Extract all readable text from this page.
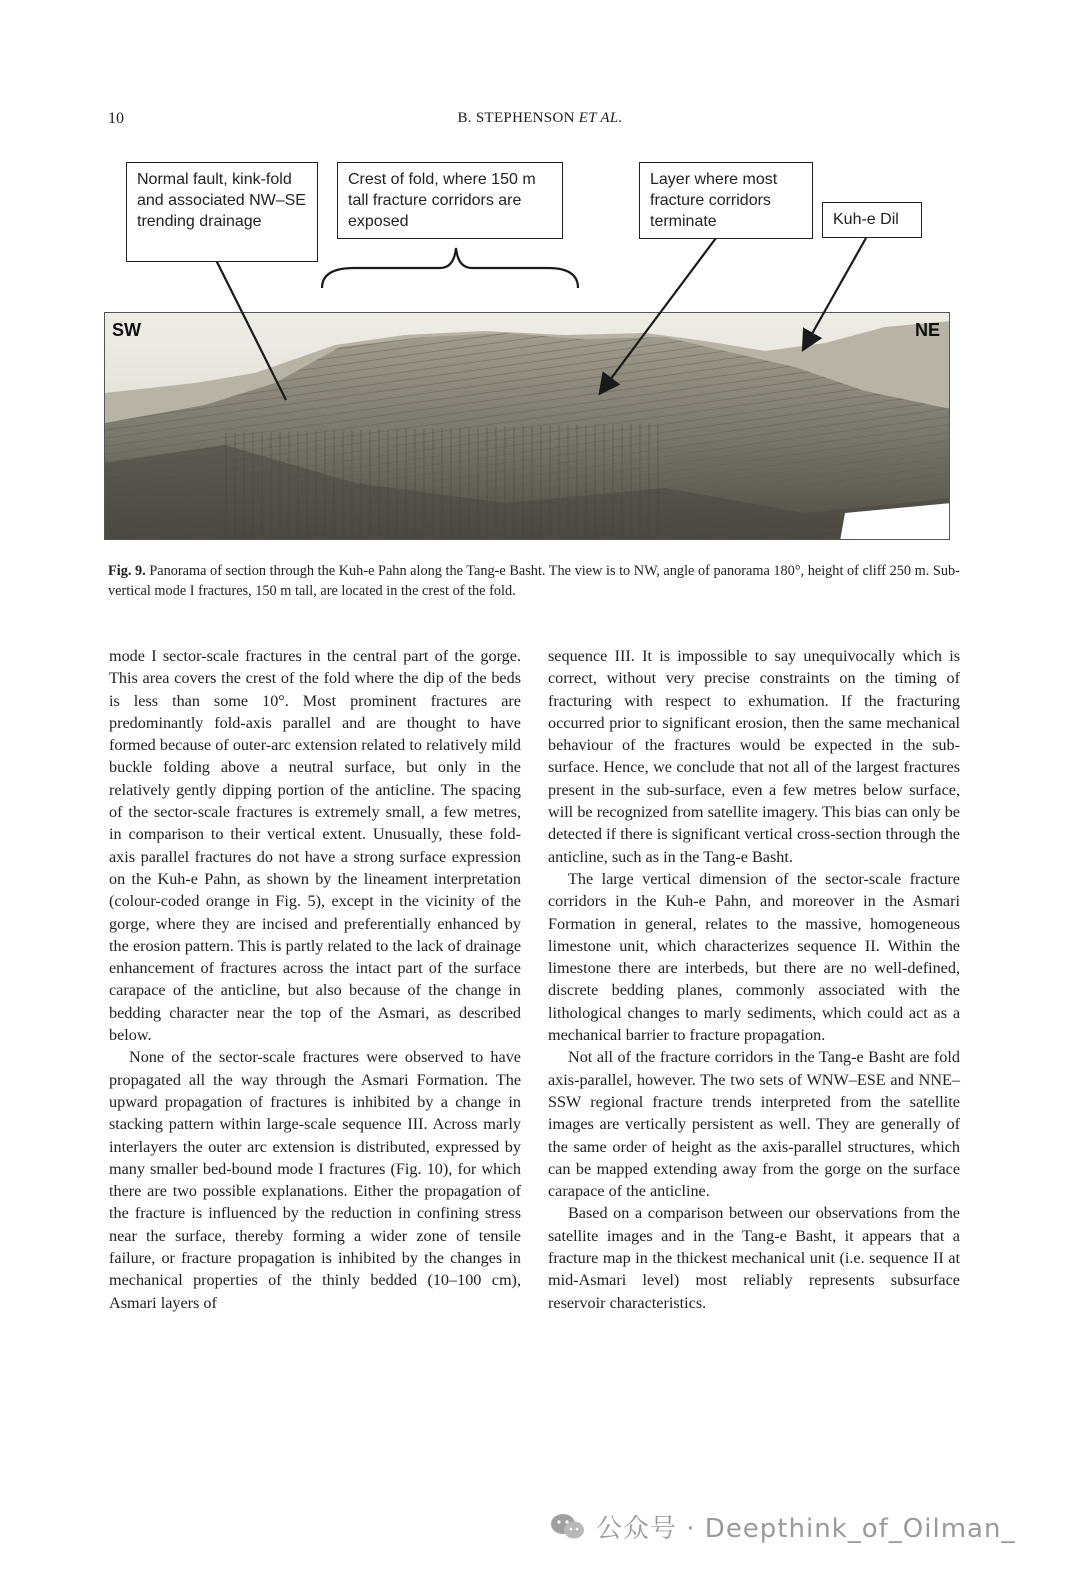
10	B. STEPHENSON ET AL.
SW	NE
Normal fault, kink-fold and associated NW–SE trending drainage
Crest of fold, where 150 m tall fracture corridors are exposed
Layer where most fracture corridors terminate	Kuh-e Dil
Fig. 9. Panorama of section through the Kuh-e Pahn along the Tang-e Basht. The view is to NW, angle of panorama 180°, height of cliff 250 m. Sub-vertical mode I fractures, 150 m tall, are located in the crest of the fold.

mode I sector-scale fractures in the central part of the gorge. This area covers the crest of the fold where the dip of the beds is less than some 10°. Most prominent fractures are predominantly fold-axis parallel and are thought to have formed because of outer-arc extension related to relatively mild buckle folding above a neutral surface, but only in the relatively gently dipping portion of the anticline. The spacing of the sector-scale fractures is extremely small, a few metres, in comparison to their vertical extent. Unusually, these fold-axis parallel fractures do not have a strong surface expression on the Kuh-e Pahn, as shown by the lineament interpretation (colour-coded orange in Fig. 5), except in the vicinity of the gorge, where they are incised and preferentially enhanced by the erosion pattern. This is partly related to the lack of drainage enhancement of fractures across the intact part of the surface carapace of the anticline, but also because of the change in bedding character near the top of the Asmari, as described below.

None of the sector-scale fractures were observed to have propagated all the way through the Asmari Formation. The upward propagation of fractures is inhibited by a change in stacking pattern within large-scale sequence III. Across marly interlayers the outer arc extension is distributed, expressed by many smaller bed-bound mode I fractures (Fig. 10), for which there are two possible explanations. Either the propagation of the fracture is influenced by the reduction in confining stress near the surface, thereby forming a wider zone of tensile failure, or fracture propagation is inhibited by the changes in mechanical properties of the thinly bedded (10–100 cm), Asmari layers of

sequence III. It is impossible to say unequivocally which is correct, without very precise constraints on the timing of fracturing with respect to exhumation. If the fracturing occurred prior to significant erosion, then the same mechanical behaviour of the fractures would be expected in the sub-surface. Hence, we conclude that not all of the largest fractures present in the sub-surface, even a few metres below surface, will be recognized from satellite imagery. This bias can only be detected if there is significant vertical cross-section through the anticline, such as in the Tang-e Basht.

The large vertical dimension of the sector-scale fracture corridors in the Kuh-e Pahn, and moreover in the Asmari Formation in general, relates to the massive, homogeneous limestone unit, which characterizes sequence II. Within the limestone there are interbeds, but there are no well-defined, discrete bedding planes, commonly associated with the lithological changes to marly sediments, which could act as a mechanical barrier to fracture propagation.

Not all of the fracture corridors in the Tang-e Basht are fold axis-parallel, however. The two sets of WNW–ESE and NNE–SSW regional fracture trends interpreted from the satellite images are vertically persistent as well. They are generally of the same order of height as the axis-parallel structures, which can be mapped extending away from the gorge on the surface carapace of the anticline.

Based on a comparison between our observations from the satellite images and in the Tang-e Basht, it appears that a fracture map in the thickest mechanical unit (i.e. sequence II at mid-Asmari level) most reliably represents subsurface reservoir characteristics.

公众号 · Deepthink_of_Oilman_
